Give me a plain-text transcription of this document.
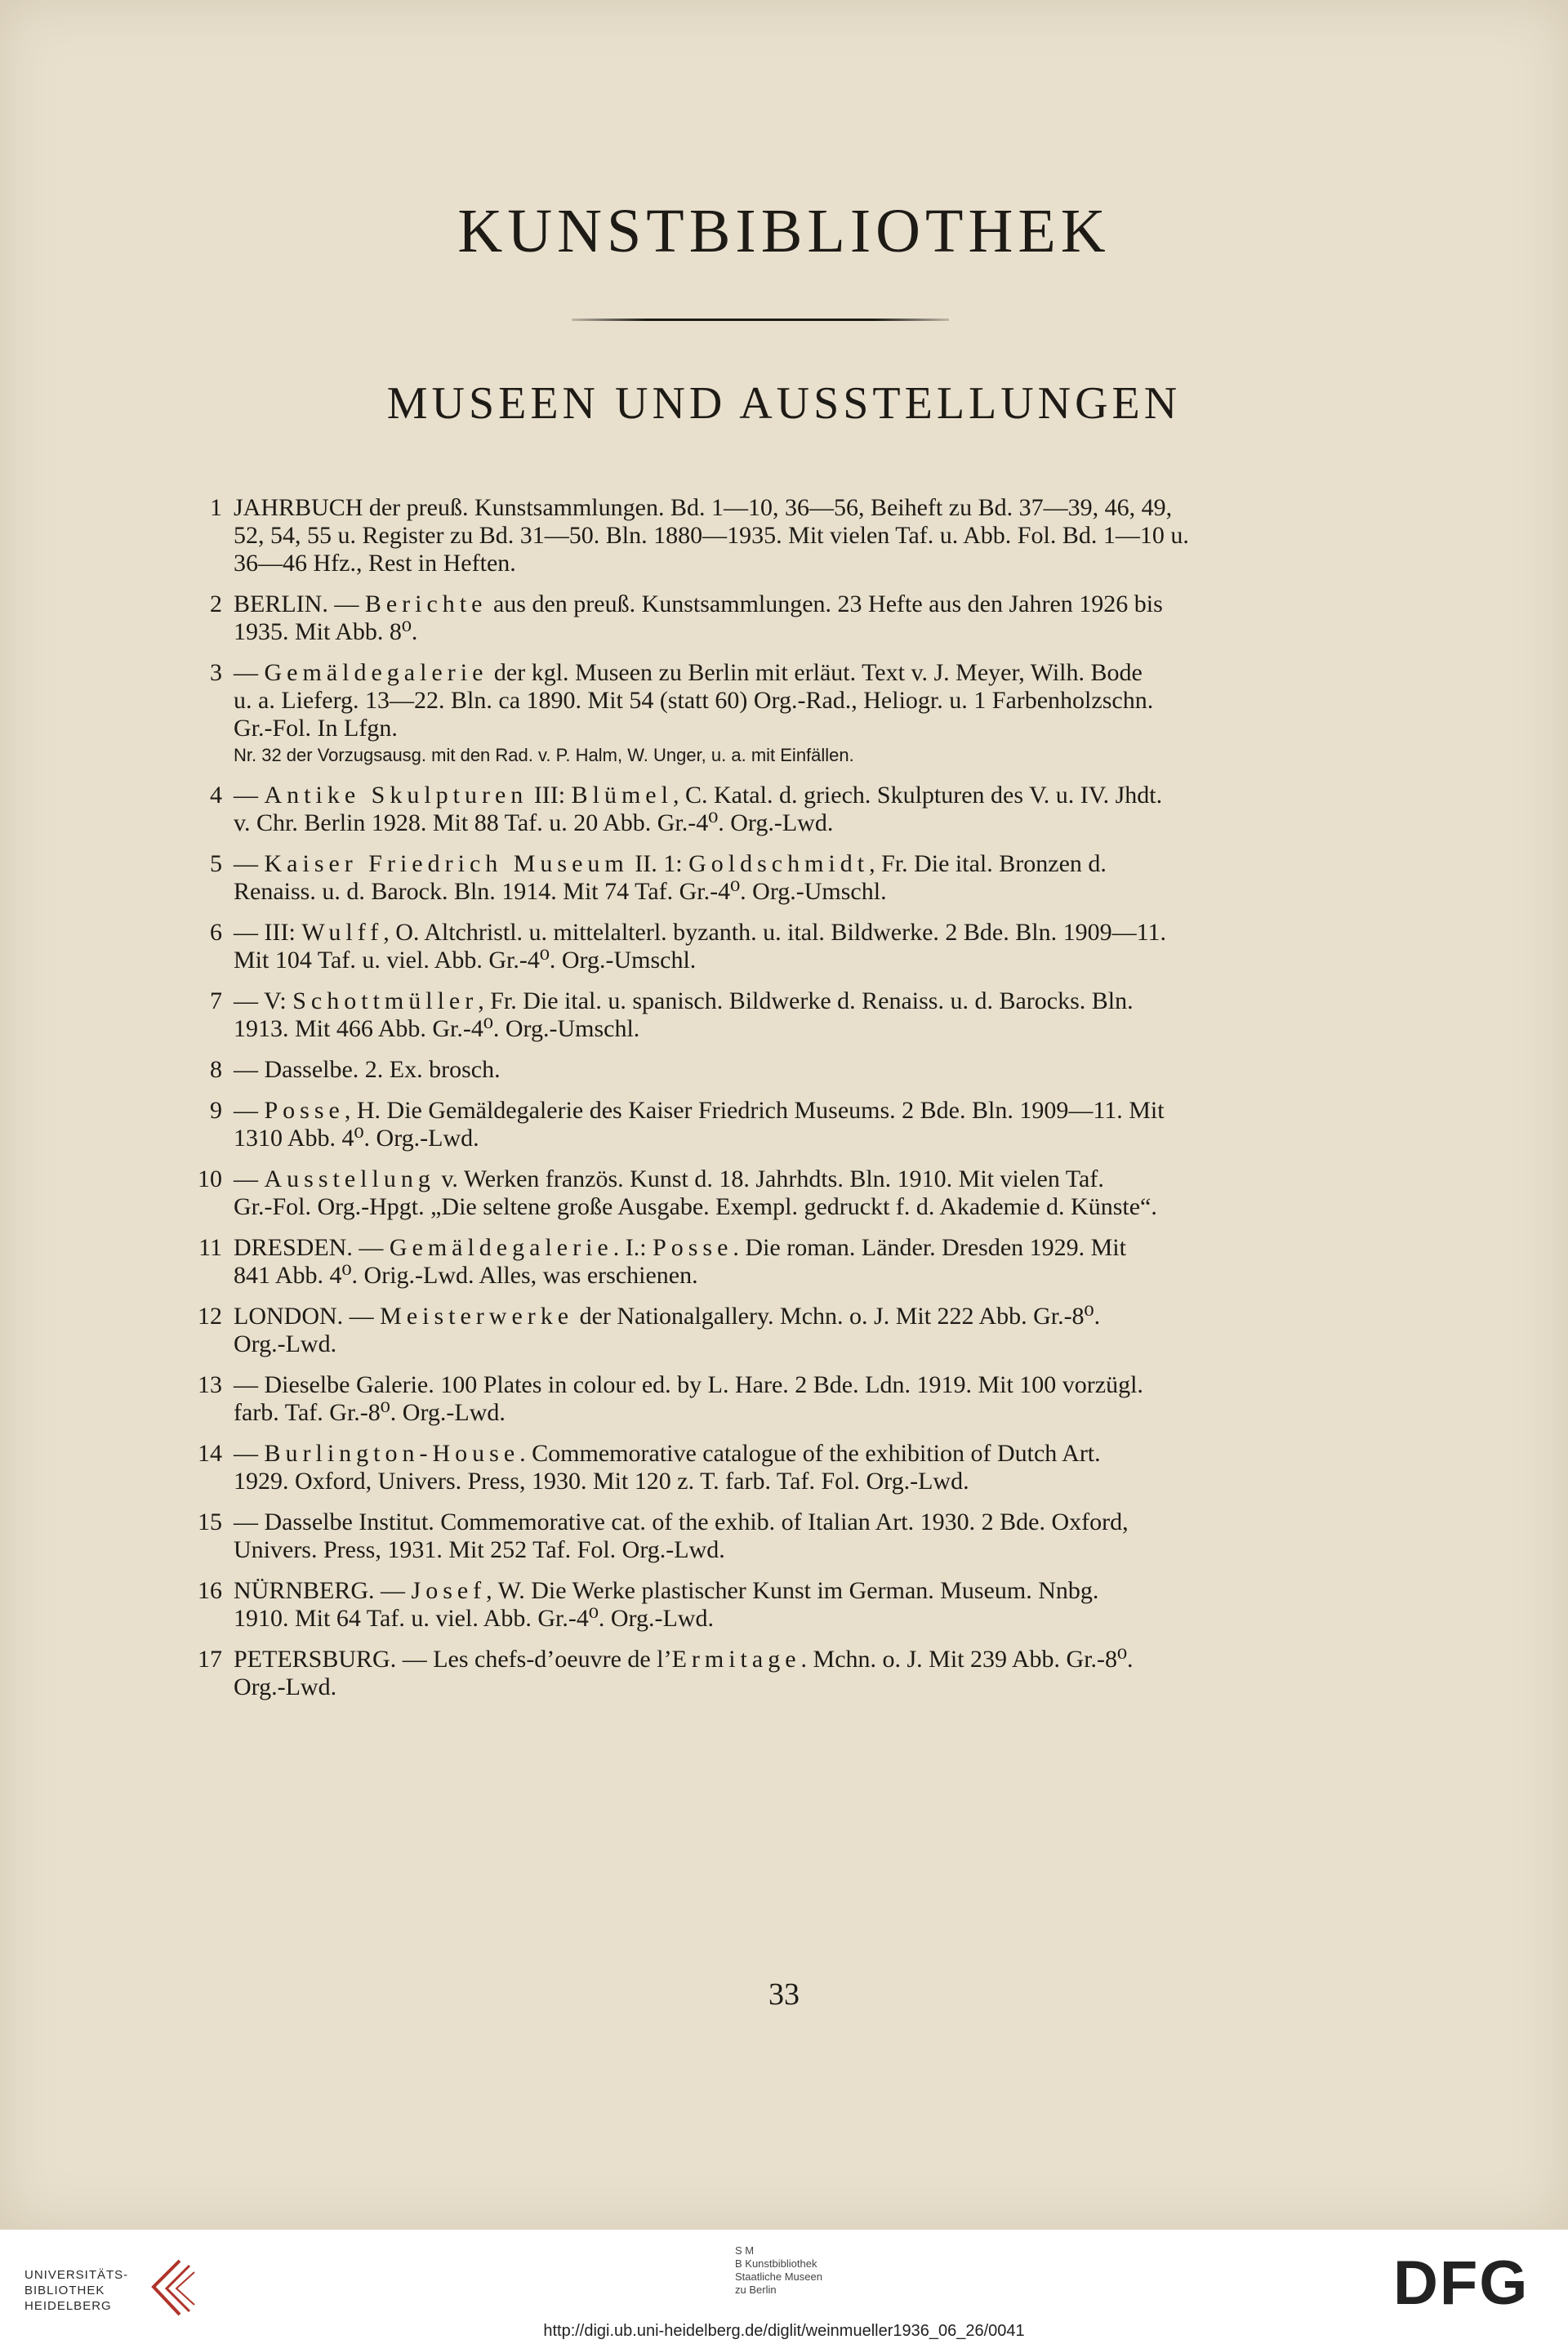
KUNSTBIBLIOTHEK
MUSEEN UND AUSSTELLUNGEN
1 JAHRBUCH der preuß. Kunstsammlungen. Bd. 1—10, 36—56, Beiheft zu Bd. 37—39, 46, 49,
52, 54, 55 u. Register zu Bd. 31—50. Bln. 1880—1935. Mit vielen Taf. u. Abb. Fol. Bd. 1—10 u.
36—46 Hfz., Rest in Heften.
2 BERLIN. — Berichte aus den preuß. Kunstsammlungen. 23 Hefte aus den Jahren 1926 bis
1935. Mit Abb. 8⁰.
3 — Gemäldegalerie der kgl. Museen zu Berlin mit erläut. Text v. J. Meyer, Wilh. Bode
u. a. Lieferg. 13—22. Bln. ca 1890. Mit 54 (statt 60) Org.-Rad., Heliogr. u. 1 Farbenholzschn.
Gr.-Fol. In Lfgn.
Nr. 32 der Vorzugsausg. mit den Rad. v. P. Halm, W. Unger, u. a. mit Einfällen.
4 — Antike Skulpturen III: Blümel, C. Katal. d. griech. Skulpturen des V. u. IV. Jhdt.
v. Chr. Berlin 1928. Mit 88 Taf. u. 20 Abb. Gr.-4⁰. Org.-Lwd.
5 — Kaiser Friedrich Museum II. 1: Goldschmidt, Fr. Die ital. Bronzen d.
Renaiss. u. d. Barock. Bln. 1914. Mit 74 Taf. Gr.-4⁰. Org.-Umschl.
6 — III: Wulff, O. Altchristl. u. mittelalterl. byzanth. u. ital. Bildwerke. 2 Bde. Bln. 1909—11.
Mit 104 Taf. u. viel. Abb. Gr.-4⁰. Org.-Umschl.
7 — V: Schottmüller, Fr. Die ital. u. spanisch. Bildwerke d. Renaiss. u. d. Barocks. Bln.
1913. Mit 466 Abb. Gr.-4⁰. Org.-Umschl.
8 — Dasselbe. 2. Ex. brosch.
9 — Posse, H. Die Gemäldegalerie des Kaiser Friedrich Museums. 2 Bde. Bln. 1909—11. Mit
1310 Abb. 4⁰. Org.-Lwd.
10 — Ausstellung v. Werken französ. Kunst d. 18. Jahrhdts. Bln. 1910. Mit vielen Taf.
Gr.-Fol. Org.-Hpgt. „Die seltene große Ausgabe. Exempl. gedruckt f. d. Akademie d. Künste“.
11 DRESDEN. — Gemäldegalerie. I.: Posse. Die roman. Länder. Dresden 1929. Mit
841 Abb. 4⁰. Orig.-Lwd. Alles, was erschienen.
12 LONDON. — Meisterwerke der Nationalgallery. Mchn. o. J. Mit 222 Abb. Gr.-8⁰.
Org.-Lwd.
13 — Dieselbe Galerie. 100 Plates in colour ed. by L. Hare. 2 Bde. Ldn. 1919. Mit 100 vorzügl.
farb. Taf. Gr.-8⁰. Org.-Lwd.
14 — Burlington-House. Commemorative catalogue of the exhibition of Dutch Art.
1929. Oxford, Univers. Press, 1930. Mit 120 z. T. farb. Taf. Fol. Org.-Lwd.
15 — Dasselbe Institut. Commemorative cat. of the exhib. of Italian Art. 1930. 2 Bde. Oxford,
Univers. Press, 1931. Mit 252 Taf. Fol. Org.-Lwd.
16 NÜRNBERG. — Josef, W. Die Werke plastischer Kunst im German. Museum. Nnbg.
1910. Mit 64 Taf. u. viel. Abb. Gr.-4⁰. Org.-Lwd.
17 PETERSBURG. — Les chefs-d’oeuvre de l’Ermitage. Mchn. o. J. Mit 239 Abb. Gr.-8⁰.
Org.-Lwd.
33
UNIVERSITÄTS-
BIBLIOTHEK
HEIDELBERG
S M
B Kunstbibliothek
Staatliche Museen
zu Berlin	DFG
http://digi.ub.uni-heidelberg.de/diglit/weinmueller1936_06_26/0041
